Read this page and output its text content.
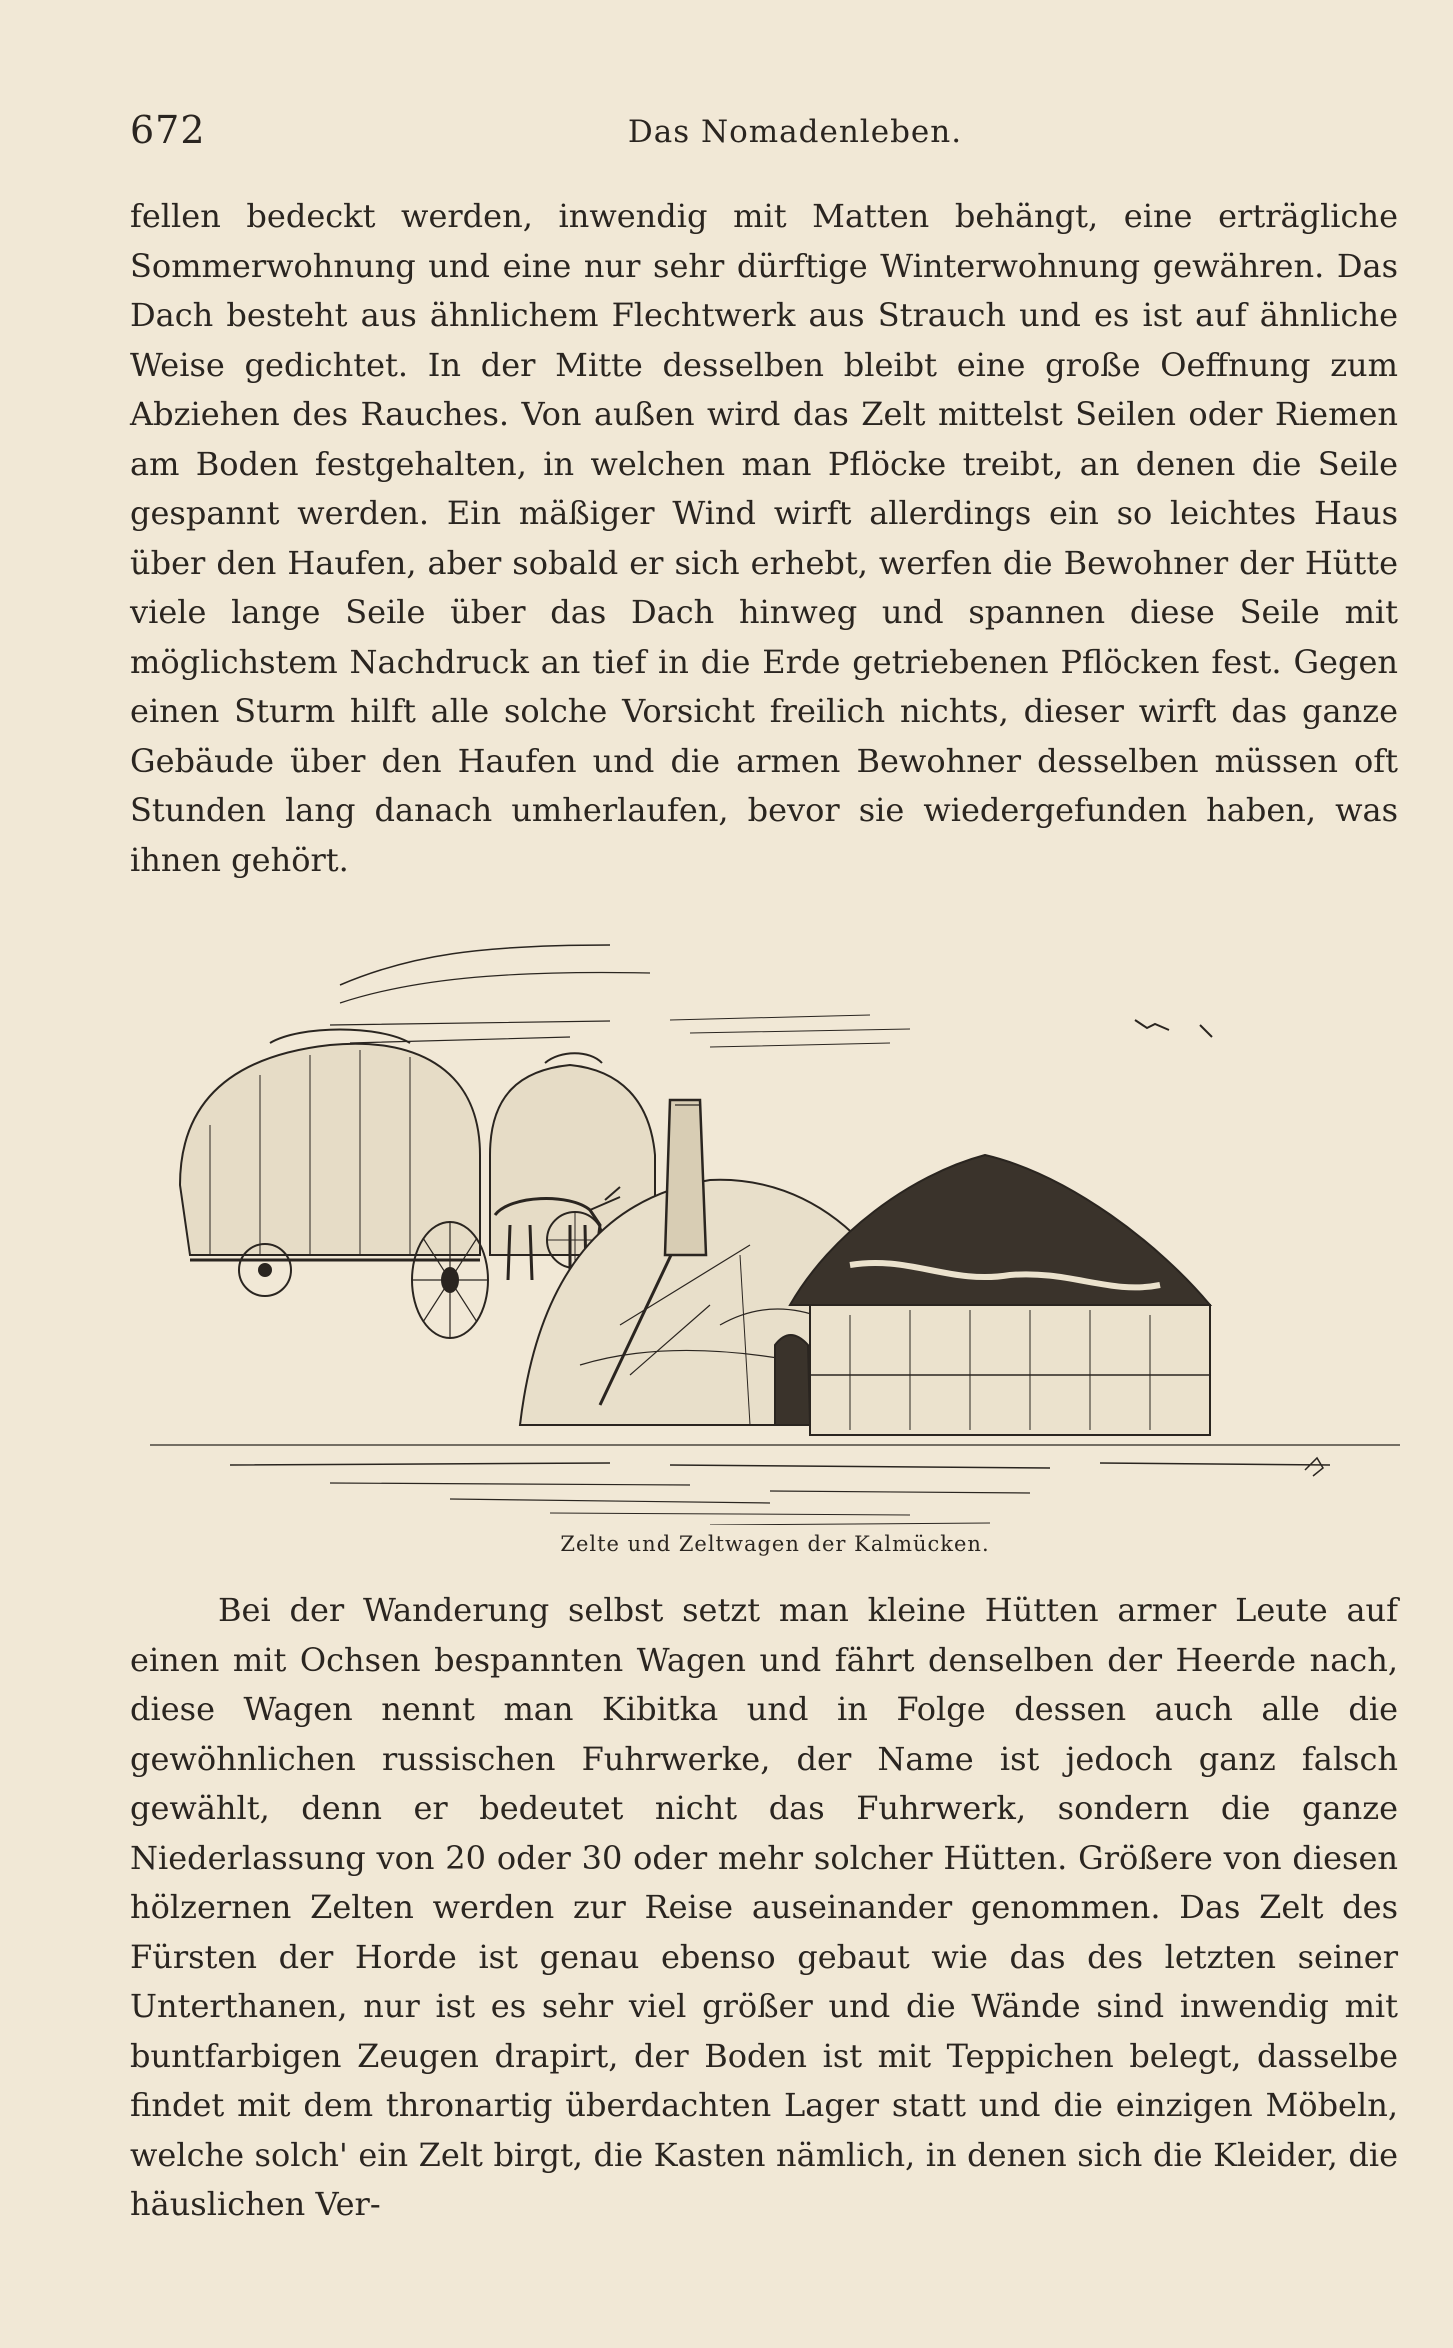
672	Das Nomadenleben.

fellen bedeckt werden, inwendig mit Matten behängt, eine erträgliche Sommerwohnung und eine nur sehr dürftige Winterwohnung gewähren. Das Dach besteht aus ähnlichem Flechtwerk aus Strauch und es ist auf ähnliche Weise gedichtet. In der Mitte desselben bleibt eine große Oeffnung zum Abziehen des Rauches. Von außen wird das Zelt mittelst Seilen oder Riemen am Boden festgehalten, in welchen man Pflöcke treibt, an denen die Seile gespannt werden. Ein mäßiger Wind wirft allerdings ein so leichtes Haus über den Haufen, aber sobald er sich erhebt, werfen die Bewohner der Hütte viele lange Seile über das Dach hinweg und spannen diese Seile mit möglichstem Nachdruck an tief in die Erde getriebenen Pflöcken fest. Gegen einen Sturm hilft alle solche Vorsicht freilich nichts, dieser wirft das ganze Gebäude über den Haufen und die armen Bewohner desselben müssen oft Stunden lang danach umherlaufen, bevor sie wiedergefunden haben, was ihnen gehört.

Zelte und Zeltwagen der Kalmücken.

Bei der Wanderung selbst setzt man kleine Hütten armer Leute auf einen mit Ochsen bespannten Wagen und fährt denselben der Heerde nach, diese Wagen nennt man Kibitka und in Folge dessen auch alle die gewöhnlichen russischen Fuhrwerke, der Name ist jedoch ganz falsch gewählt, denn er bedeutet nicht das Fuhrwerk, sondern die ganze Niederlassung von 20 oder 30 oder mehr solcher Hütten. Größere von diesen hölzernen Zelten werden zur Reise auseinander genommen. Das Zelt des Fürsten der Horde ist genau ebenso gebaut wie das des letzten seiner Unterthanen, nur ist es sehr viel größer und die Wände sind inwendig mit buntfarbigen Zeugen drapirt, der Boden ist mit Teppichen belegt, dasselbe findet mit dem thronartig überdachten Lager statt und die einzigen Möbeln, welche solch' ein Zelt birgt, die Kasten nämlich, in denen sich die Kleider, die häuslichen Ver-
